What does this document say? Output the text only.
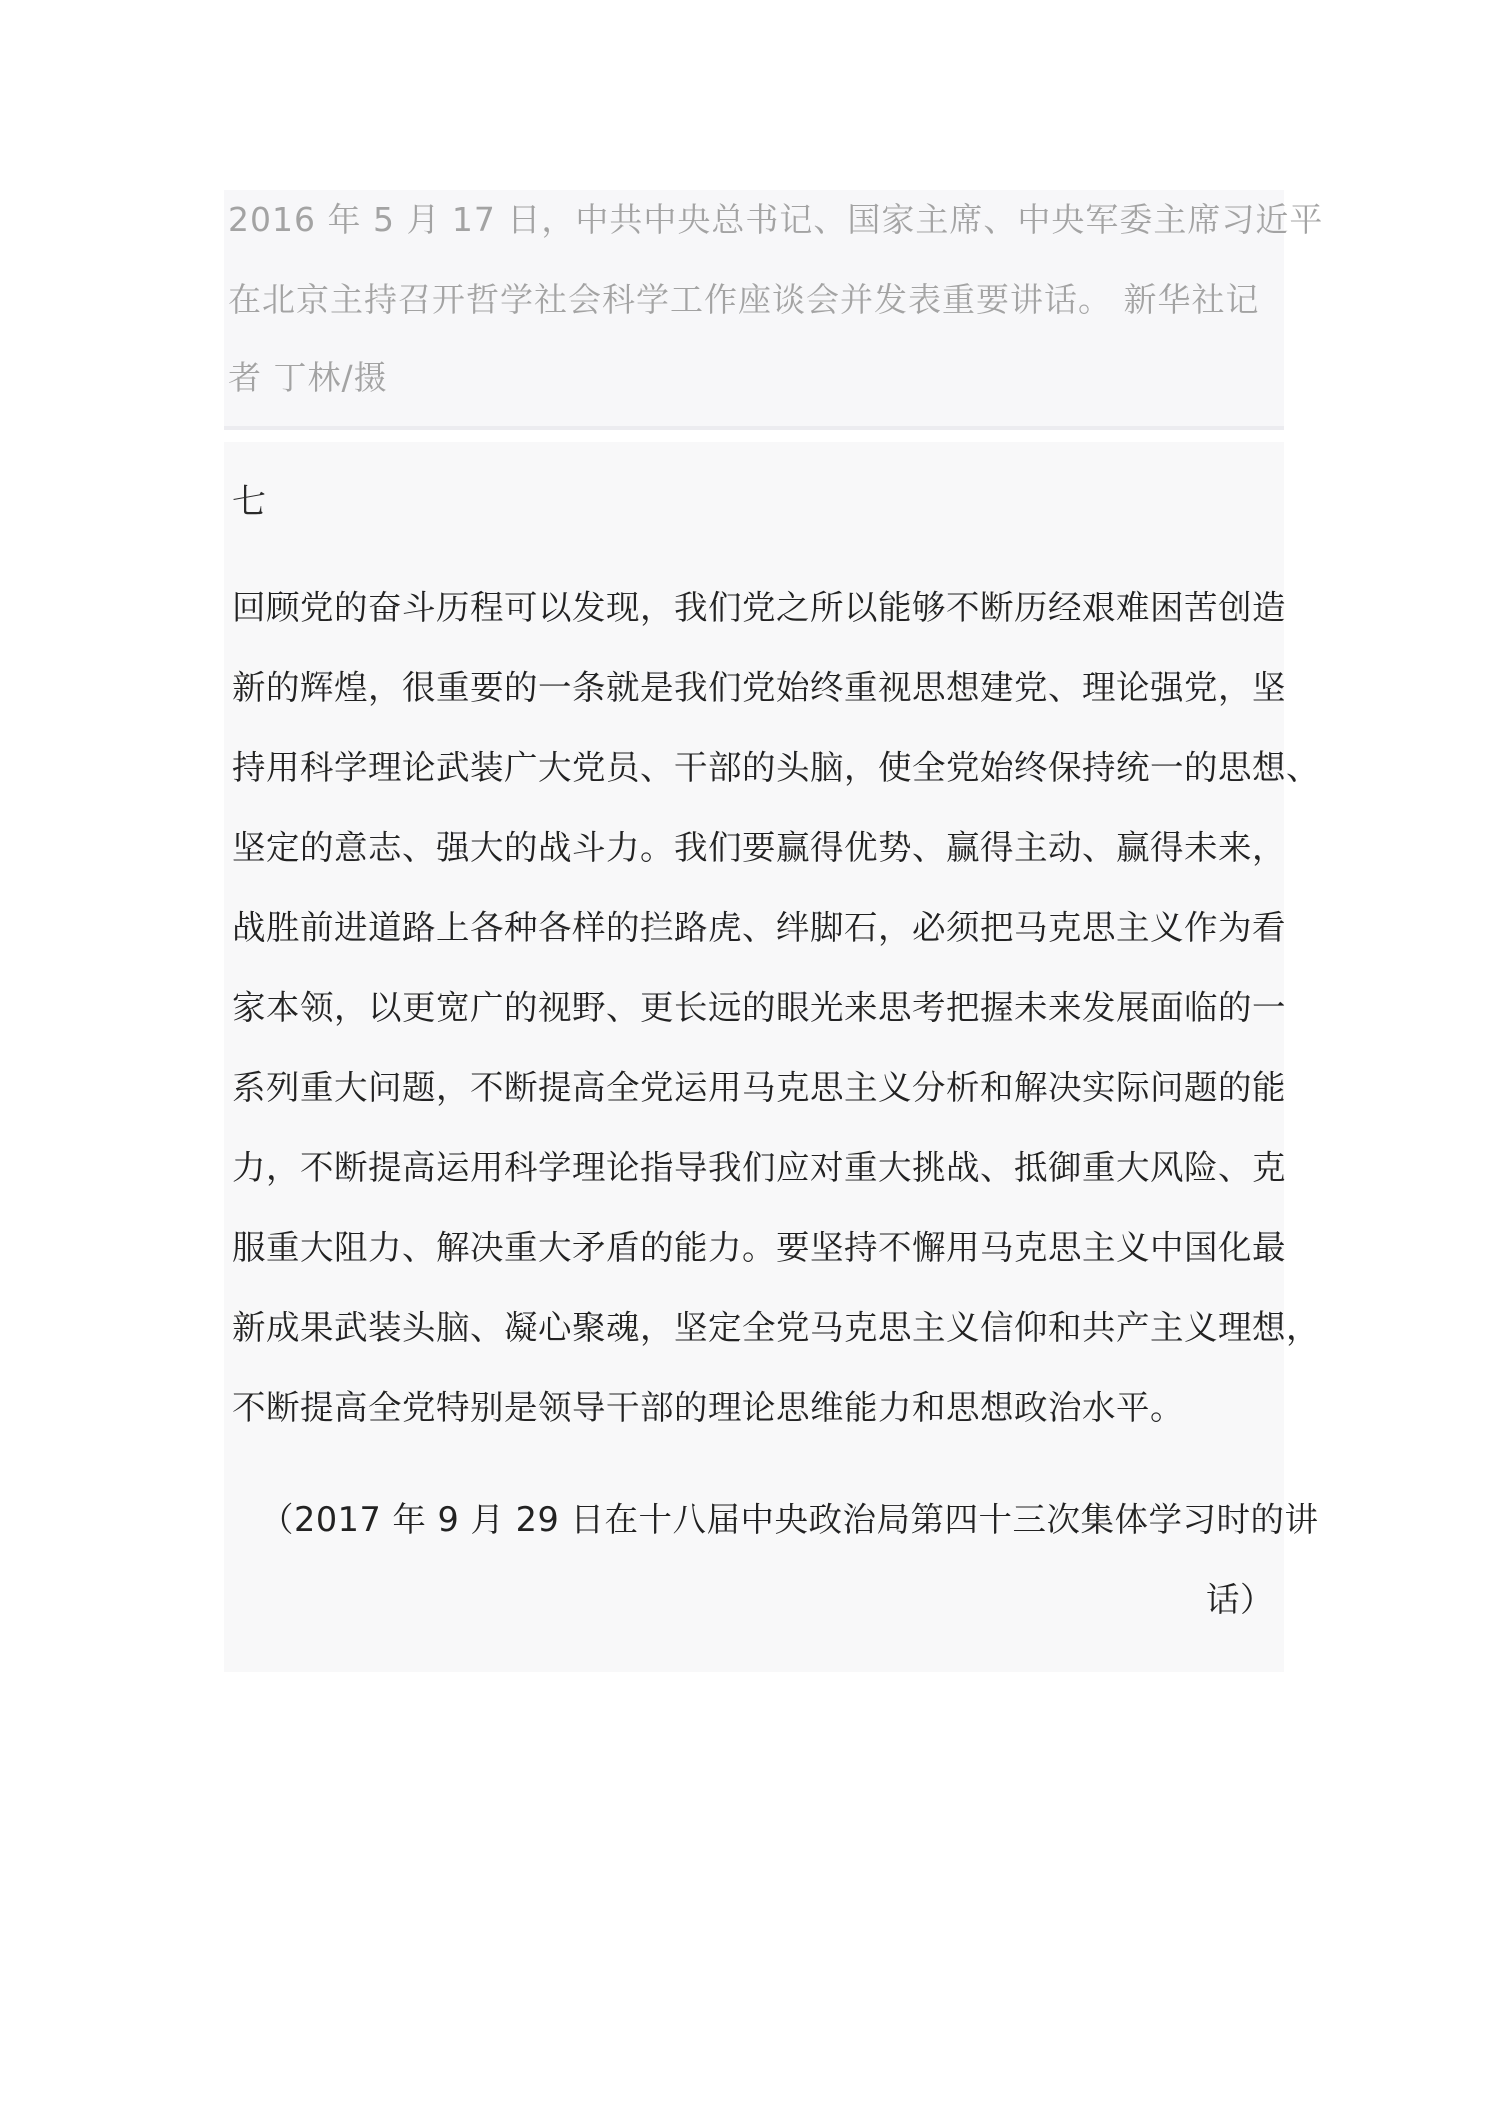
2016 年 5 月 17 日，中共中央总书记、国家主席、中央军委主席习近平
在北京主持召开哲学社会科学工作座谈会并发表重要讲话。 新华社记
者 丁林/摄
七
回顾党的奋斗历程可以发现，我们党之所以能够不断历经艰难困苦创造
新的辉煌，很重要的一条就是我们党始终重视思想建党、理论强党，坚
持用科学理论武装广大党员、干部的头脑，使全党始终保持统一的思想、
坚定的意志、强大的战斗力。我们要赢得优势、赢得主动、赢得未来，
战胜前进道路上各种各样的拦路虎、绊脚石，必须把马克思主义作为看
家本领，以更宽广的视野、更长远的眼光来思考把握未来发展面临的一
系列重大问题，不断提高全党运用马克思主义分析和解决实际问题的能
力，不断提高运用科学理论指导我们应对重大挑战、抵御重大风险、克
服重大阻力、解决重大矛盾的能力。要坚持不懈用马克思主义中国化最
新成果武装头脑、凝心聚魂，坚定全党马克思主义信仰和共产主义理想，
不断提高全党特别是领导干部的理论思维能力和思想政治水平。
（2017 年 9 月 29 日在十八届中央政治局第四十三次集体学习时的讲
话）
